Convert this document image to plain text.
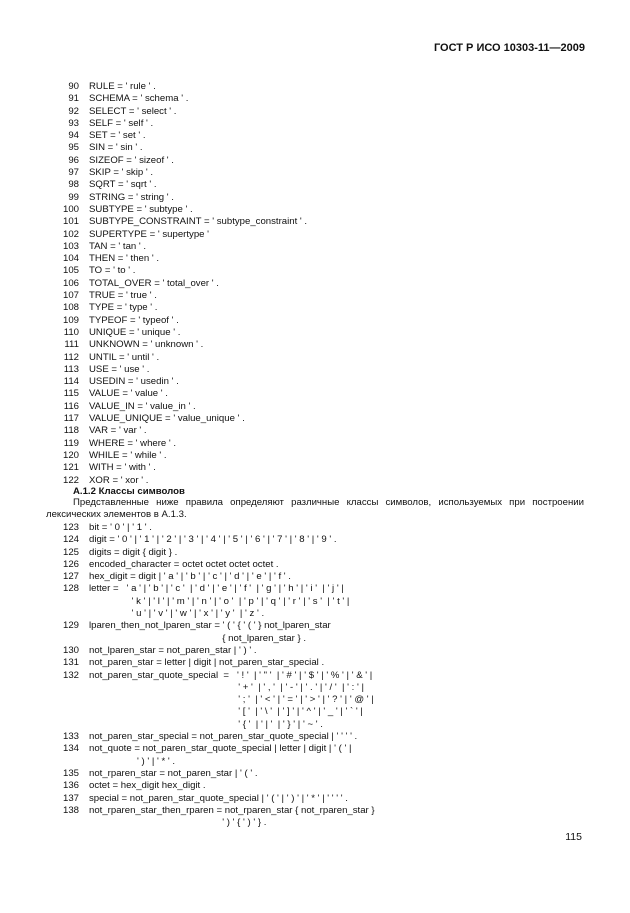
ГОСТ Р ИСО 10303-11—2009
90 RULE = ' rule ' .
91 SCHEMA = ' schema ' .
92 SELECT = ' select ' .
93 SELF = ' self ' .
94 SET = ' set ' .
95 SIN = ' sin ' .
96 SIZEOF = ' sizeof ' .
97 SKIP = ' skip ' .
98 SQRT = ' sqrt ' .
99 STRING = ' string ' .
100 SUBTYPE = ' subtype ' .
101 SUBTYPE_CONSTRAINT = ' subtype_constraint ' .
102 SUPERTYPE = ' supertype '
103 TAN = ' tan ' .
104 THEN = ' then ' .
105 TO = ' to ' .
106 TOTAL_OVER = ' total_over ' .
107 TRUE = ' true ' .
108 TYPE = ' type ' .
109 TYPEOF = ' typeof ' .
110 UNIQUE = ' unique ' .
111 UNKNOWN = ' unknown ' .
112 UNTIL = ' until ' .
113 USE = ' use ' .
114 USEDIN = ' usedin ' .
115 VALUE = ' value ' .
116 VALUE_IN = ' value_in ' .
117 VALUE_UNIQUE = ' value_unique ' .
118 VAR = ' var ' .
119 WHERE = ' where ' .
120 WHILE = ' while ' .
121 WITH = ' with ' .
122 XOR = ' xor ' .
А.1.2 Классы символов
Представленные ниже правила определяют различные классы символов, используемых при построении лексических элементов в А.1.3.
123 bit = ' 0 ' | ' 1 ' .
124 digit = ' 0 ' | ' 1 ' | ' 2 ' | ' 3 ' | ' 4 ' | ' 5 ' | ' 6 ' | ' 7 ' | ' 8 ' | ' 9 ' .
125 digits = digit { digit } .
126 encoded_character = octet octet octet octet .
127 hex_digit = digit | ' a ' | ' b ' | ' c ' | ' d ' | ' e ' | ' f ' .
128 letter =   ' a ' | ' b ' | ' c '  | ' d ' | ' e ' | ' f '  | ' g ' | ' h ' | ' i '  | ' j ' |
' k ' | ' l ' | ' m ' | ' n ' | ' o '  | ' p ' | ' q ' | ' r ' | ' s '  | ' t ' |
' u ' | ' v ' | ' w ' | ' x ' | ' y '  | ' z ' .
129 lparen_then_not_lparen_star = ' ( ' { ' ( ' } not_lparen_star
{ not_lparen_star } .
130 not_lparen_star = not_paren_star | ' ) ' .
131 not_paren_star = letter | digit | not_paren_star_special .
132 not_paren_star_quote_special  =   ' ! '  | ' " '  | ' # ' | ' $ ' | ' % ' | ' & ' |
' + '  | ' , '  | ' - ' | ' . ' | ' / '  | ' : ' |
' ; '  | ' < ' | ' = ' | ' > ' | ' ? ' | ' @ ' |
' [ '  | ' \ '  | ' ] ' | ' ^ ' | ' _ ' | ' ` ' |
' { '  | ' | '  | ' } ' | ' ~ ' .
133 not_paren_star_special = not_paren_star_quote_special | ' ' ' ' .
134 not_quote = not_paren_star_quote_special | letter | digit | ' ( ' |
' ) ' | ' * ' .
135 not_rparen_star = not_paren_star | ' ( ' .
136 octet = hex_digit hex_digit .
137 special = not_paren_star_quote_special | ' ( ' | ' ) ' | ' * ' | ' ' ' ' .
138 not_rparen_star_then_rparen = not_rparen_star { not_rparen_star }
' ) ' { ' ) ' } .
115
